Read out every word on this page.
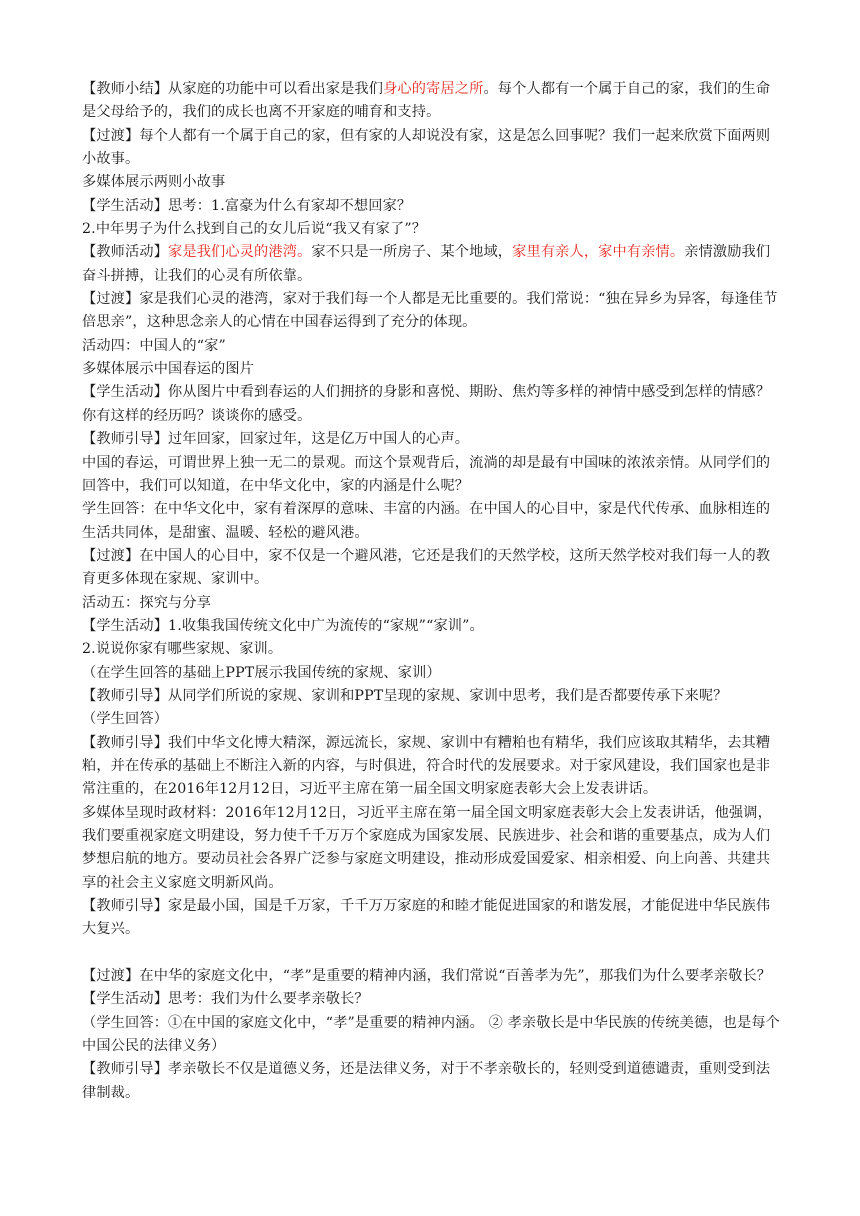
【教师小结】从家庭的功能中可以看出家是我们身心的寄居之所。每个人都有一个属于自己的家，我们的生命是父母给予的，我们的成长也离不开家庭的哺育和支持。

【过渡】每个人都有一个属于自己的家，但有家的人却说没有家，这是怎么回事呢？我们一起来欣赏下面两则小故事。

多媒体展示两则小故事

【学生活动】思考：1.富豪为什么有家却不想回家？

2.中年男子为什么找到自己的女儿后说“我又有家了”？

【教师活动】家是我们心灵的港湾。家不只是一所房子、某个地域，家里有亲人，家中有亲情。亲情激励我们奋斗拼搏，让我们的心灵有所依靠。

【过渡】家是我们心灵的港湾，家对于我们每一个人都是无比重要的。我们常说：“独在异乡为异客，每逢佳节倍思亲”，这种思念亲人的心情在中国春运得到了充分的体现。

活动四：中国人的“家”

多媒体展示中国春运的图片

【学生活动】你从图片中看到春运的人们拥挤的身影和喜悦、期盼、焦灼等多样的神情中感受到怎样的情感？你有这样的经历吗？谈谈你的感受。

【教师引导】过年回家，回家过年，这是亿万中国人的心声。

中国的春运，可谓世界上独一无二的景观。而这个景观背后，流淌的却是最有中国味的浓浓亲情。从同学们的回答中，我们可以知道，在中华文化中，家的内涵是什么呢？

学生回答：在中华文化中，家有着深厚的意味、丰富的内涵。在中国人的心目中，家是代代传承、血脉相连的生活共同体，是甜蜜、温暖、轻松的避风港。

【过渡】在中国人的心目中，家不仅是一个避风港，它还是我们的天然学校，这所天然学校对我们每一人的教育更多体现在家规、家训中。

活动五：探究与分享

【学生活动】1.收集我国传统文化中广为流传的“家规”“家训”。

2.说说你家有哪些家规、家训。

（在学生回答的基础上PPT展示我国传统的家规、家训）

【教师引导】从同学们所说的家规、家训和PPT呈现的家规、家训中思考，我们是否都要传承下来呢？

（学生回答）

【教师引导】我们中华文化博大精深，源远流长，家规、家训中有糟粕也有精华，我们应该取其精华，去其糟粕，并在传承的基础上不断注入新的内容，与时俱进，符合时代的发展要求。对于家风建设，我们国家也是非常注重的，在2016年12月12日，习近平主席在第一届全国文明家庭表彰大会上发表讲话。

多媒体呈现时政材料：2016年12月12日，习近平主席在第一届全国文明家庭表彰大会上发表讲话，他强调，我们要重视家庭文明建设，努力使千千万万个家庭成为国家发展、民族进步、社会和谐的重要基点，成为人们梦想启航的地方。要动员社会各界广泛参与家庭文明建设，推动形成爱国爱家、相亲相爱、向上向善、共建共享的社会主义家庭文明新风尚。

【教师引导】家是最小国，国是千万家，千千万万家庭的和睦才能促进国家的和谐发展，才能促进中华民族伟大复兴。

【过渡】在中华的家庭文化中，“孝”是重要的精神内涵，我们常说“百善孝为先”，那我们为什么要孝亲敬长？

【学生活动】思考：我们为什么要孝亲敬长？

（学生回答：①在中国的家庭文化中，“孝”是重要的精神内涵。 ② 孝亲敬长是中华民族的传统美德，也是每个中国公民的法律义务）

【教师引导】孝亲敬长不仅是道德义务，还是法律义务，对于不孝亲敬长的，轻则受到道德谴责，重则受到法律制裁。
